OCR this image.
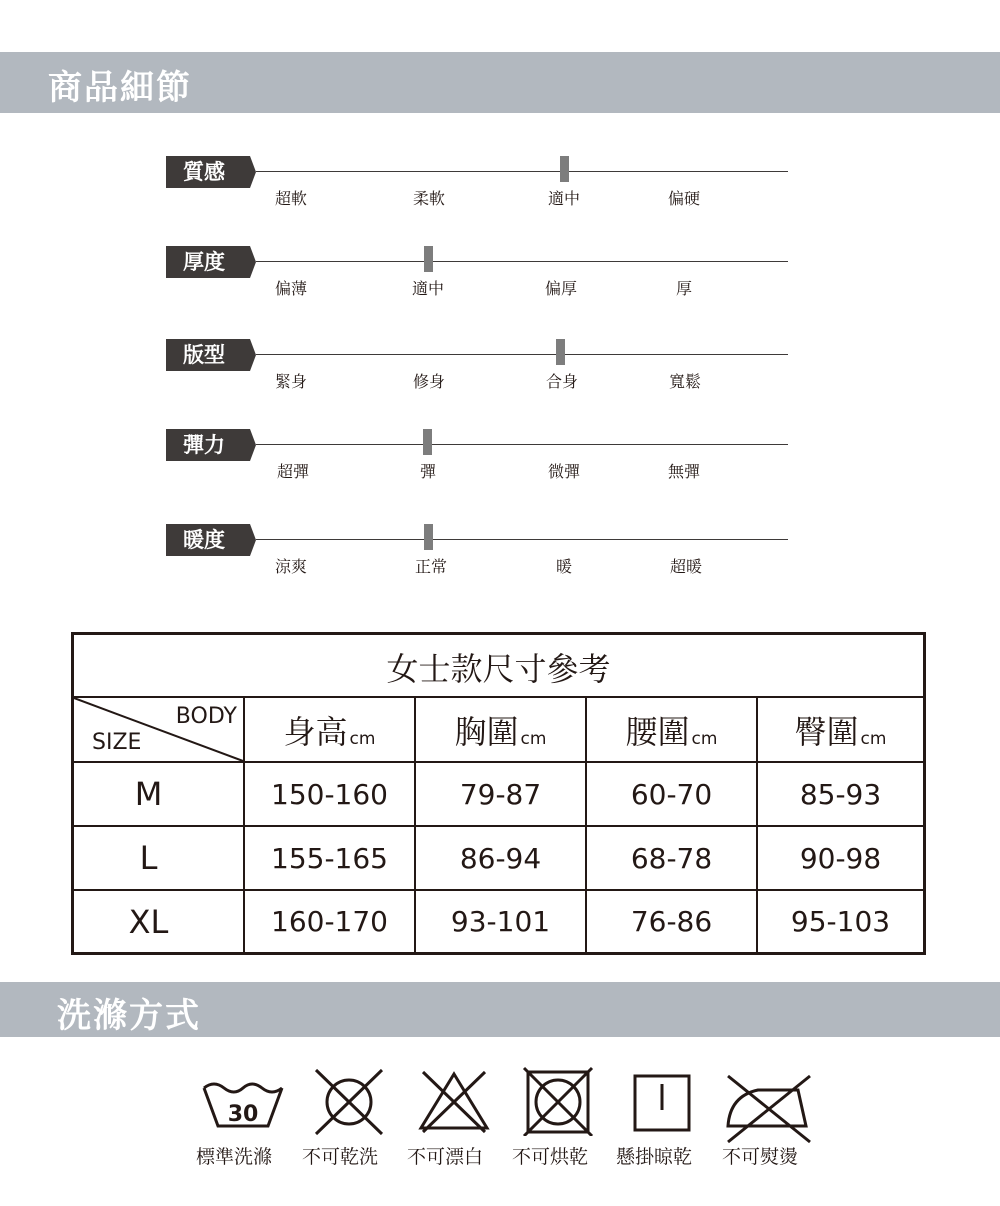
商品細節
質感
超軟	柔軟	適中	偏硬
厚度
偏薄	適中	偏厚	厚
版型
緊身	修身	合身	寬鬆
彈力
超彈	彈	微彈	無彈
暖度
涼爽	正常	暖	超暖
女士款尺寸參考
BODY
SIZE	身高 cm 胸圍 cm 腰圍 cm 臀圍 cm
M	150-160	79-87	60-70	85-93
L	155-165	86-94	68-78	90-98
XL	160-170	93-101	76-86	95-103
洗滌方式
30
標準洗滌 不可乾洗 不可漂白 不可烘乾 懸掛晾乾 不可熨燙
